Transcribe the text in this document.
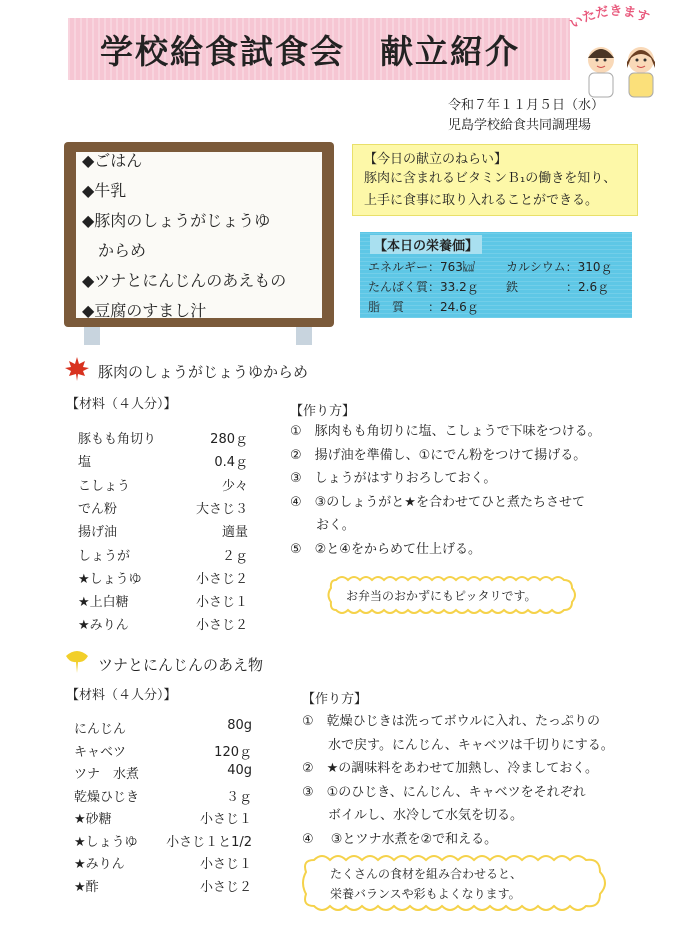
学校給食試食会　献立紹介
いただきます
令和７年１１月５日（水）
児島学校給食共同調理場
◆ごはん
◆牛乳
◆豚肉のしょうがじょうゆ
　からめ
◆ツナとにんじんのあえもの
◆豆腐のすまし汁
【今日の献立のねらい】
豚肉に含まれるビタミンＢ₁の働きを知り、
上手に食事に取り入れることができる。
【本日の栄養価】
エネルギー：763㎉	カルシウム：310ｇ
たんぱく質：33.2ｇ 鉄　　　　：2.6ｇ
脂　質　　：24.6ｇ
豚肉のしょうがじょうゆからめ
【材料（４人分）】
豚もも角切り	280ｇ
塩	0.4ｇ
こしょう	少々
でん粉	大さじ３
揚げ油	適量
しょうが	２ｇ
★しょうゆ	小さじ２
★上白糖	小さじ１
★みりん	小さじ２
【作り方】
①　豚肉もも角切りに塩、こしょうで下味をつける。
②　揚げ油を準備し、①にでん粉をつけて揚げる。
③　しょうがはすりおろしておく。
④　③のしょうがと★を合わせてひと煮たちさせて
　　おく。
⑤　②と④をからめて仕上げる。
お弁当のおかずにもピッタリです。
ツナとにんじんのあえ物
【材料（４人分）】
にんじん	80g
キャベツ	120ｇ
ツナ　水煮	40g
乾燥ひじき	３ｇ
★砂糖	小さじ１
★しょうゆ 小さじ１と1/2
★みりん	小さじ１
★酢	小さじ２
【作り方】
①　乾燥ひじきは洗ってボウルに入れ、たっぷりの
　　水で戻す。にんじん、キャベツは千切りにする。
②　★の調味料をあわせて加熱し、冷ましておく。
③　①のひじき、にんじん、キャベツをそれぞれ
　　ボイルし、水冷して水気を切る。
④　 ③とツナ水煮を②で和える。
たくさんの食材を組み合わせると、
栄養バランスや彩もよくなります。
